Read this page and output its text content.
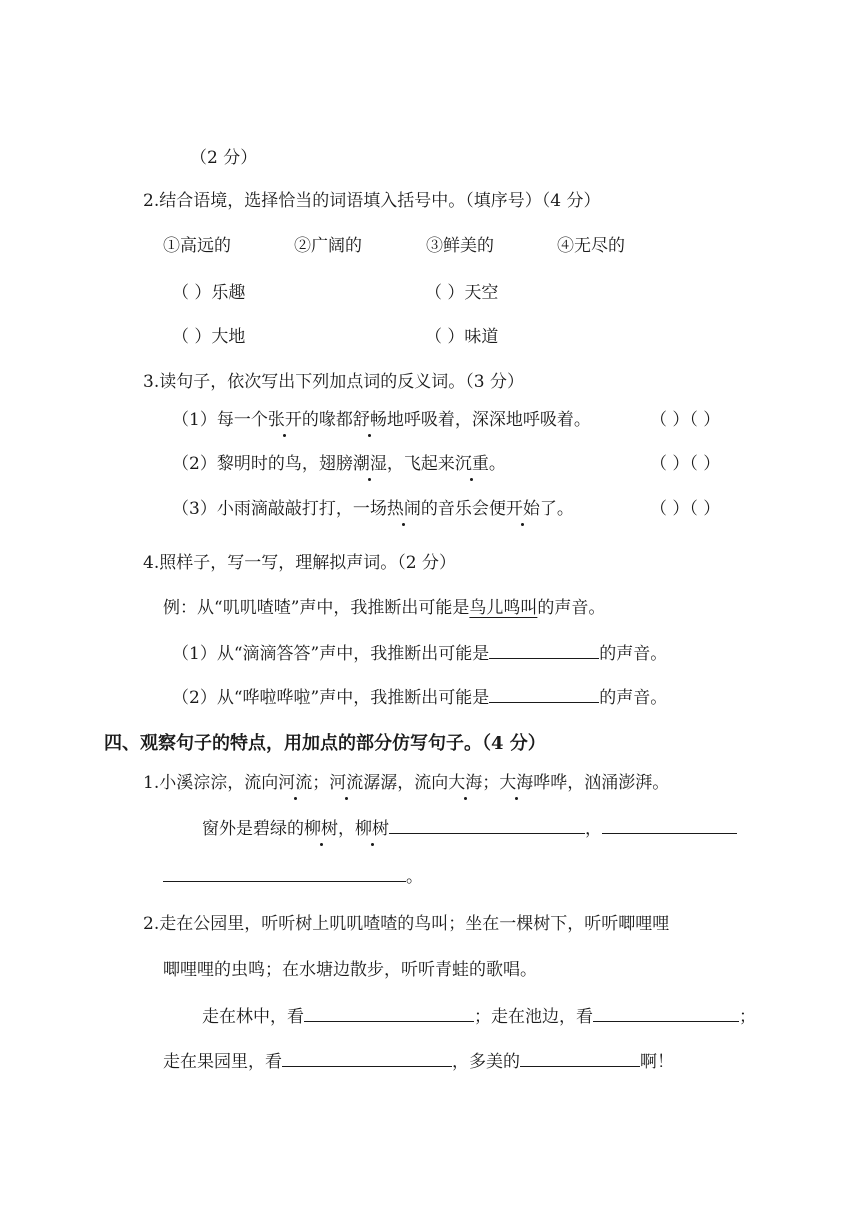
（2 分）
2.结合语境，选择恰当的词语填入括号中。（填序号）（4 分）
①高远的	②广阔的	③鲜美的	④无尽的
（ ）乐趣	（ ）天空
（ ）大地	（ ）味道
3.读句子，依次写出下列加点词的反义词。（3 分）
（1）每一个张开的喙都舒畅地呼吸着，深深地呼吸着。	（ ）（ ）
（2）黎明时的鸟，翅膀潮湿，飞起来沉重。	（ ）（ ）
（3）小雨滴敲敲打打，一场热闹的音乐会便开始了。	（ ）（ ）
4.照样子，写一写，理解拟声词。（2 分）
例：从“叽叽喳喳”声中，我推断出可能是鸟儿鸣叫的声音。
（1）从“滴滴答答”声中，我推断出可能是	的声音。
（2）从“哗啦哗啦”声中，我推断出可能是	的声音。
四、观察句子的特点，用加点的部分仿写句子。（4 分）
1.小溪淙淙，流向河流；河流潺潺，流向大海；大海哗哗，汹涌澎湃。
窗外是碧绿的柳树，柳树	，
。
2.走在公园里，听听树上叽叽喳喳的鸟叫；坐在一棵树下，听听唧哩哩
唧哩哩的虫鸣；在水塘边散步，听听青蛙的歌唱。
走在林中，看	；走在池边，看	；
走在果园里，看	，多美的	啊！
